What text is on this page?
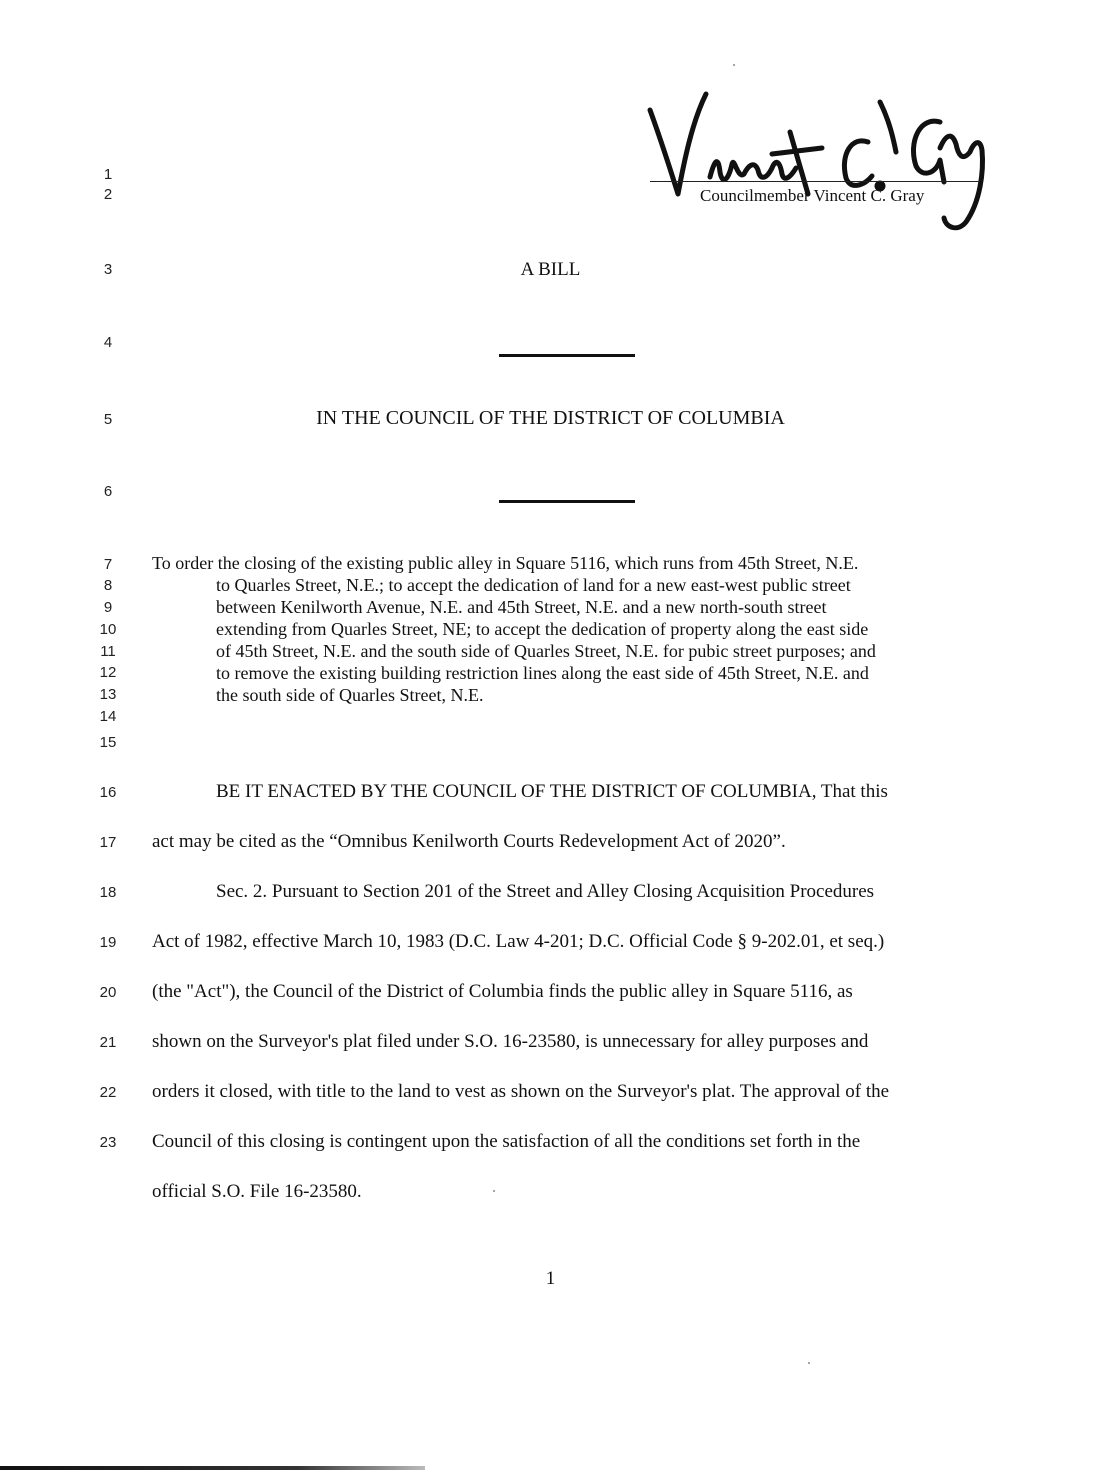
Councilmember Vincent C. Gray
1
2
3
4
5
6
7
8
9
10
11
12
13
14
15
16
17
18
19
20
21
22
23
A BILL
IN THE COUNCIL OF THE DISTRICT OF COLUMBIA
To order the closing of the existing public alley in Square 5116, which runs from 45th Street, N.E.
to Quarles Street, N.E.; to accept the dedication of land for a new east-west public street
between Kenilworth Avenue, N.E. and 45th Street, N.E. and a new north-south street
extending from Quarles Street, NE; to accept the dedication of property along the east side
of 45th Street, N.E. and the south side of Quarles Street, N.E. for pubic street purposes; and
to remove the existing building restriction lines along the east side of 45th Street, N.E. and
the south side of Quarles Street, N.E.
BE IT ENACTED BY THE COUNCIL OF THE DISTRICT OF COLUMBIA, That this
act may be cited as the “Omnibus Kenilworth Courts Redevelopment Act of 2020”.
Sec. 2. Pursuant to Section 201 of the Street and Alley Closing Acquisition Procedures
Act of 1982, effective March 10, 1983 (D.C. Law 4-201; D.C. Official Code § 9-202.01, et seq.)
(the "Act"), the Council of the District of Columbia finds the public alley in Square 5116, as
shown on the Surveyor's plat filed under S.O. 16-23580, is unnecessary for alley purposes and
orders it closed, with title to the land to vest as shown on the Surveyor's plat. The approval of the
Council of this closing is contingent upon the satisfaction of all the conditions set forth in the
official S.O. File 16-23580.
1
